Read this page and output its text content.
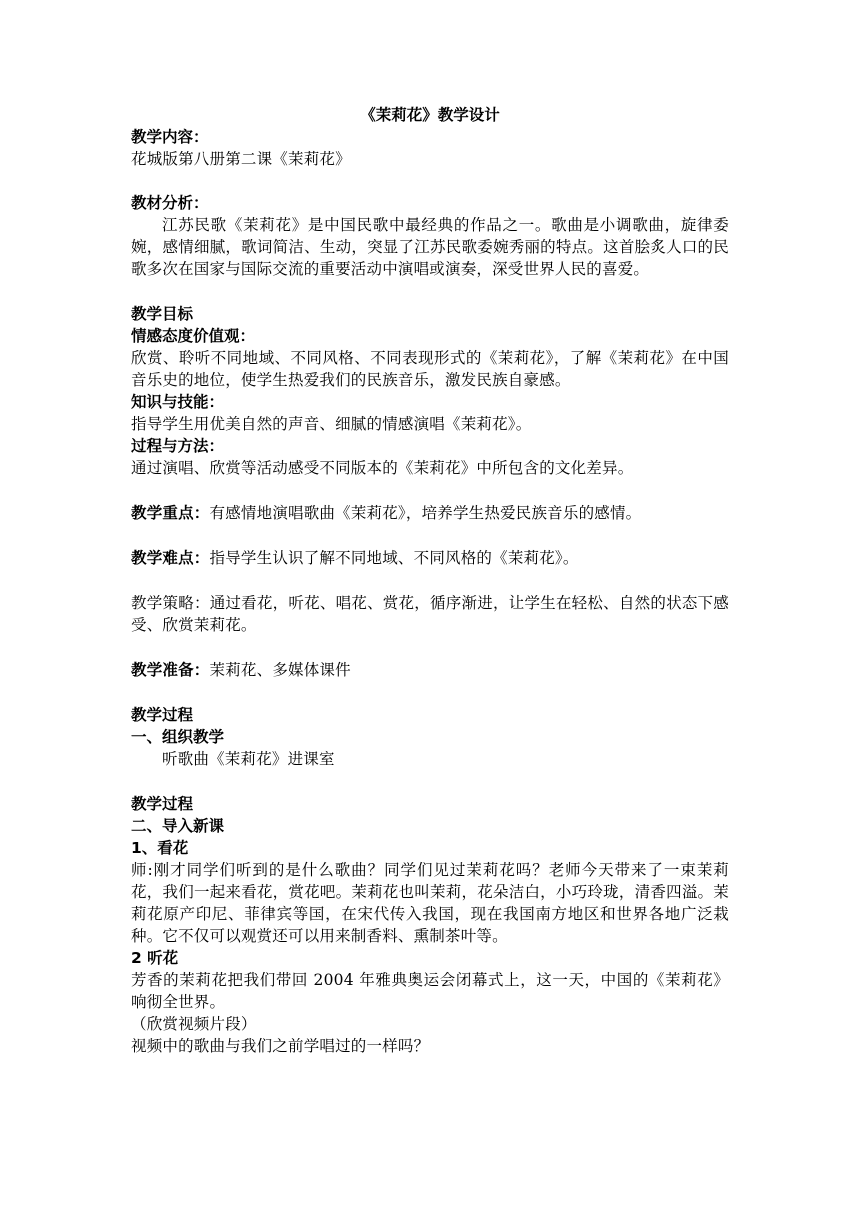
《茉莉花》教学设计
教学内容：
花城版第八册第二课《茉莉花》
教材分析：
江苏民歌《茉莉花》是中国民歌中最经典的作品之一。歌曲是小调歌曲，旋律委婉，感情细腻，歌词简洁、生动，突显了江苏民歌委婉秀丽的特点。这首脍炙人口的民歌多次在国家与国际交流的重要活动中演唱或演奏，深受世界人民的喜爱。
教学目标
情感态度价值观：
欣赏、聆听不同地域、不同风格、不同表现形式的《茉莉花》，了解《茉莉花》在中国音乐史的地位，使学生热爱我们的民族音乐，激发民族自豪感。
知识与技能：
指导学生用优美自然的声音、细腻的情感演唱《茉莉花》。
过程与方法：
通过演唱、欣赏等活动感受不同版本的《茉莉花》中所包含的文化差异。
教学重点：有感情地演唱歌曲《茉莉花》，培养学生热爱民族音乐的感情。
教学难点：指导学生认识了解不同地域、不同风格的《茉莉花》。
教学策略：通过看花，听花、唱花、赏花，循序渐进，让学生在轻松、自然的状态下感受、欣赏茉莉花。
教学准备：茉莉花、多媒体课件
教学过程
一、组织教学
听歌曲《茉莉花》进课室
教学过程
二、导入新课
1、看花
师:刚才同学们听到的是什么歌曲？同学们见过茉莉花吗？老师今天带来了一束茉莉花，我们一起来看花，赏花吧。茉莉花也叫茉莉，花朵洁白，小巧玲珑，清香四溢。茉莉花原产印尼、菲律宾等国，在宋代传入我国，现在我国南方地区和世界各地广泛栽种。它不仅可以观赏还可以用来制香料、熏制茶叶等。
2 听花
芳香的茉莉花把我们带回 2004 年雅典奥运会闭幕式上，这一天，中国的《茉莉花》响彻全世界。
（欣赏视频片段）
视频中的歌曲与我们之前学唱过的一样吗？
